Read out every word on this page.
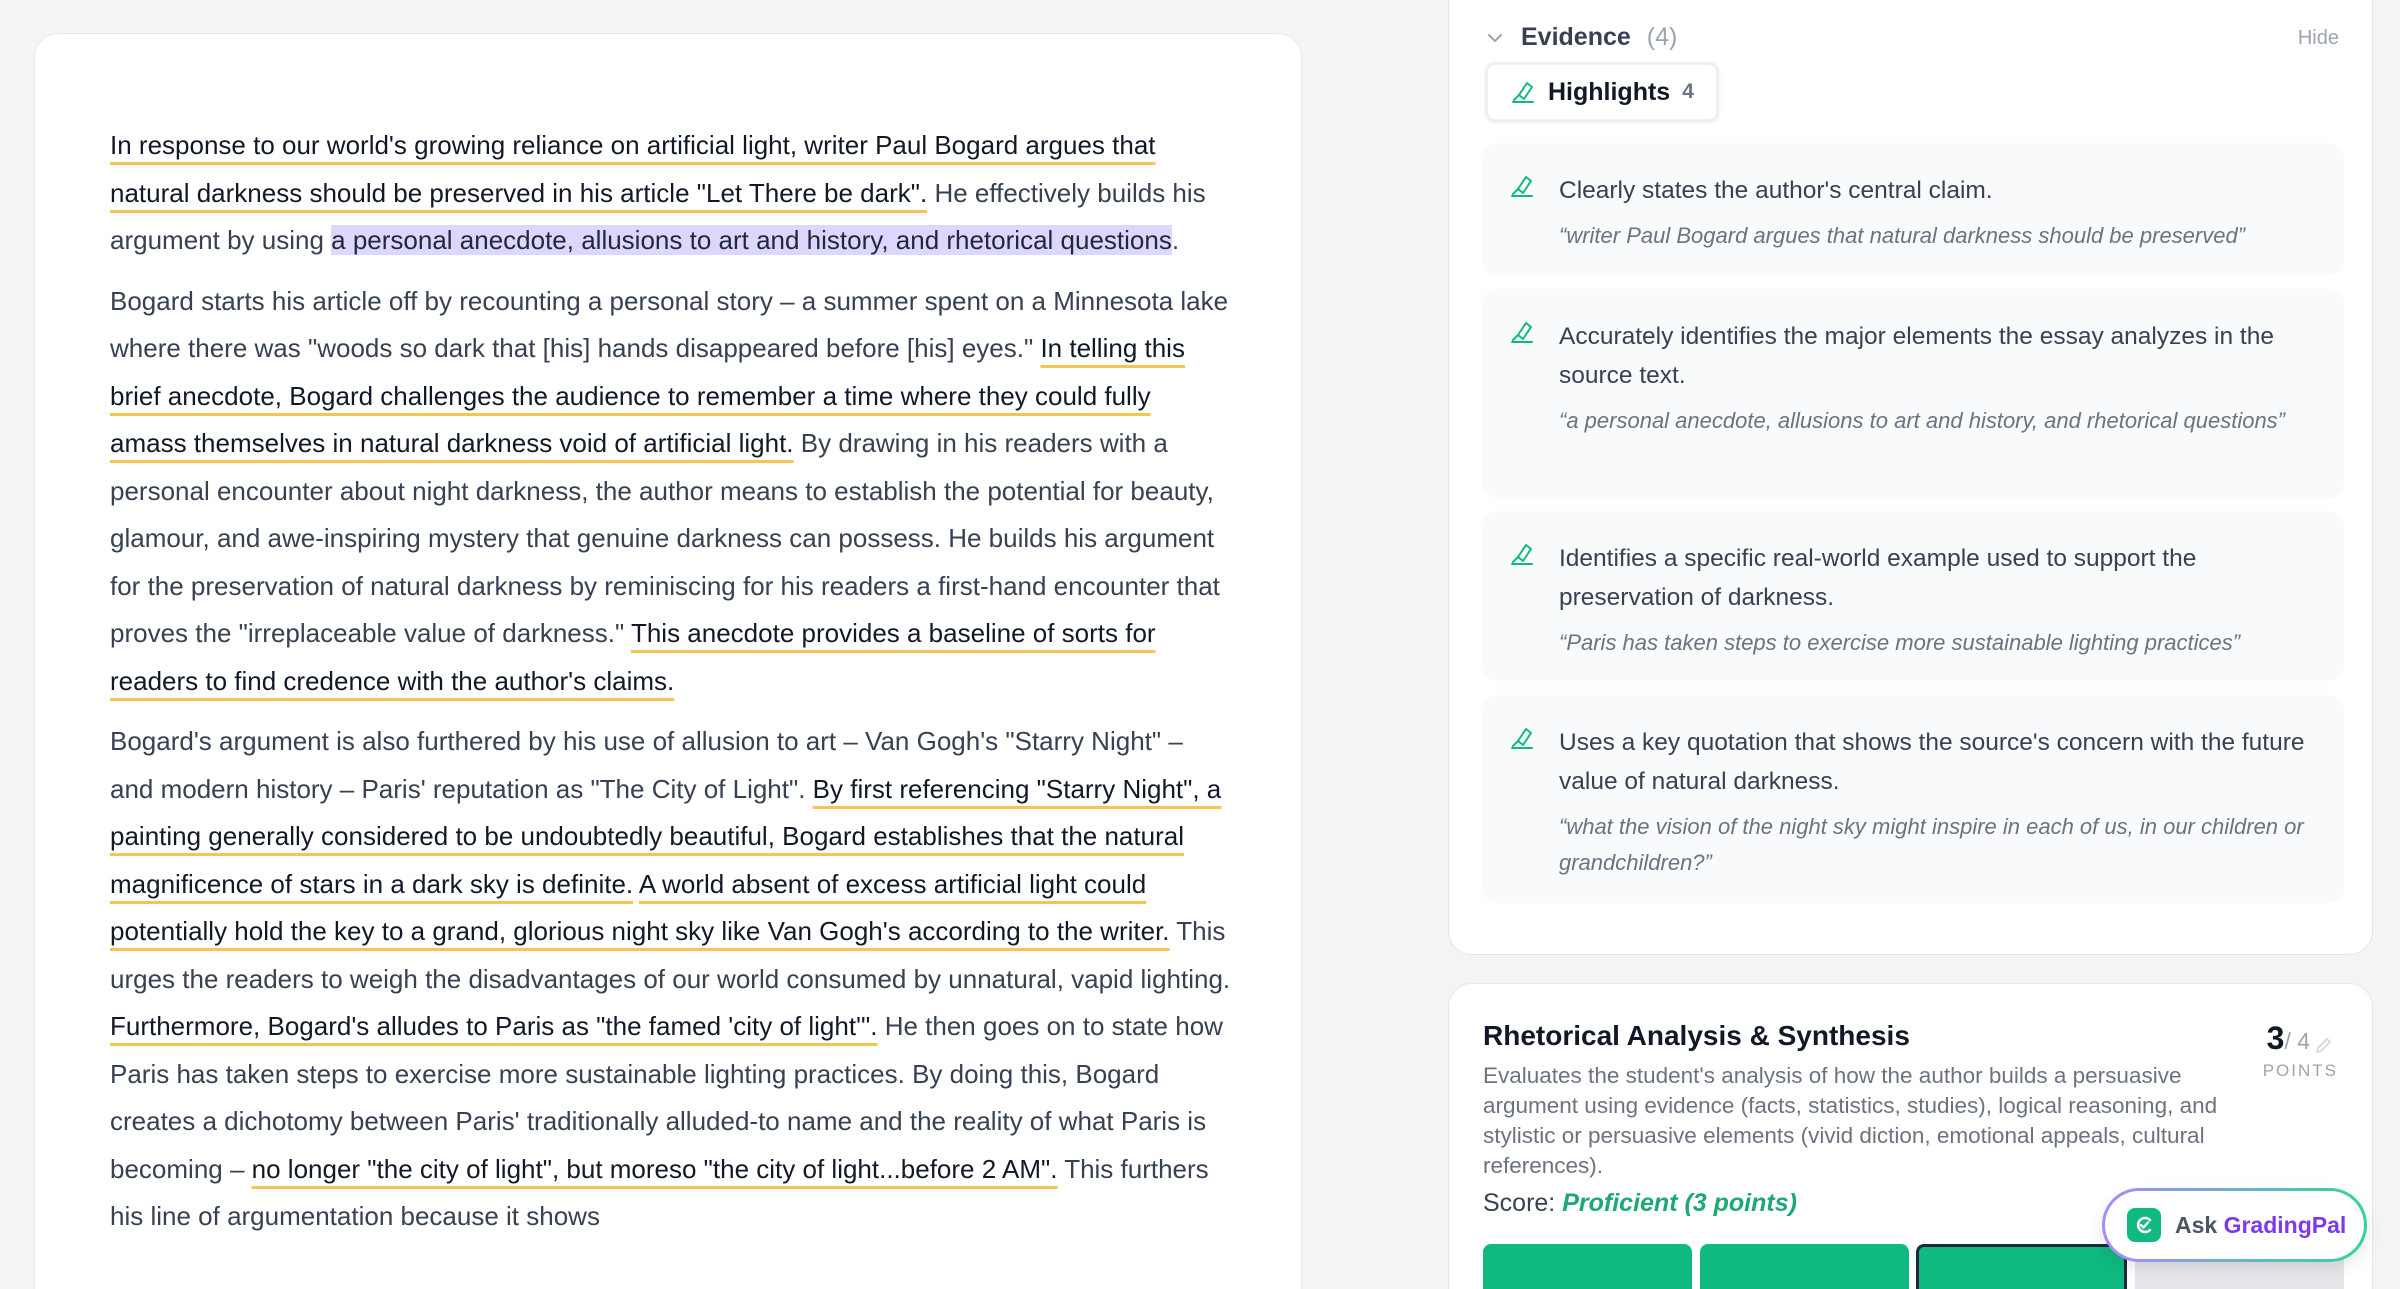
In response to our world's growing reliance on artificial light, writer Paul Bogard argues that natural darkness should be preserved in his article "Let There be dark". He effectively builds his argument by using a personal anecdote, allusions to art and history, and rhetorical questions.

Bogard starts his article off by recounting a personal story – a summer spent on a Minnesota lake where there was "woods so dark that [his] hands disappeared before [his] eyes." In telling this brief anecdote, Bogard challenges the audience to remember a time where they could fully amass themselves in natural darkness void of artificial light. By drawing in his readers with a personal encounter about night darkness, the author means to establish the potential for beauty, glamour, and awe-inspiring mystery that genuine darkness can possess. He builds his argument for the preservation of natural darkness by reminiscing for his readers a first-hand encounter that proves the "irreplaceable value of darkness." This anecdote provides a baseline of sorts for readers to find credence with the author's claims.

Bogard's argument is also furthered by his use of allusion to art – Van Gogh's "Starry Night" – and modern history – Paris' reputation as "The City of Light". By first referencing "Starry Night", a painting generally considered to be undoubtedly beautiful, Bogard establishes that the natural magnificence of stars in a dark sky is definite. A world absent of excess artificial light could potentially hold the key to a grand, glorious night sky like Van Gogh's according to the writer. This urges the readers to weigh the disadvantages of our world consumed by unnatural, vapid lighting. Furthermore, Bogard's alludes to Paris as "the famed 'city of light'". He then goes on to state how Paris has taken steps to exercise more sustainable lighting practices. By doing this, Bogard creates a dichotomy between Paris' traditionally alluded-to name and the reality of what Paris is becoming – no longer "the city of light", but moreso "the city of light...before 2 AM". This furthers his line of argumentation because it shows

Evidence (4)	Hide
Highlights 4
Clearly states the author's central claim.
“writer Paul Bogard argues that natural darkness should be preserved”
Accurately identifies the major elements the essay analyzes in the source text.
“a personal anecdote, allusions to art and history, and rhetorical questions”
Identifies a specific real-world example used to support the preservation of darkness.
“Paris has taken steps to exercise more sustainable lighting practices”
Uses a key quotation that shows the source's concern with the future value of natural darkness.
“what the vision of the night sky might inspire in each of us, in our children or grandchildren?”
Rhetorical Analysis & Synthesis
Evaluates the student's analysis of how the author builds a persuasive argument using evidence (facts, statistics, studies), logical reasoning, and stylistic or persuasive elements (vivid diction, emotional appeals, cultural references).
3/ 4
POINTS
Score: Proficient (3 points)
Ask GradingPal
